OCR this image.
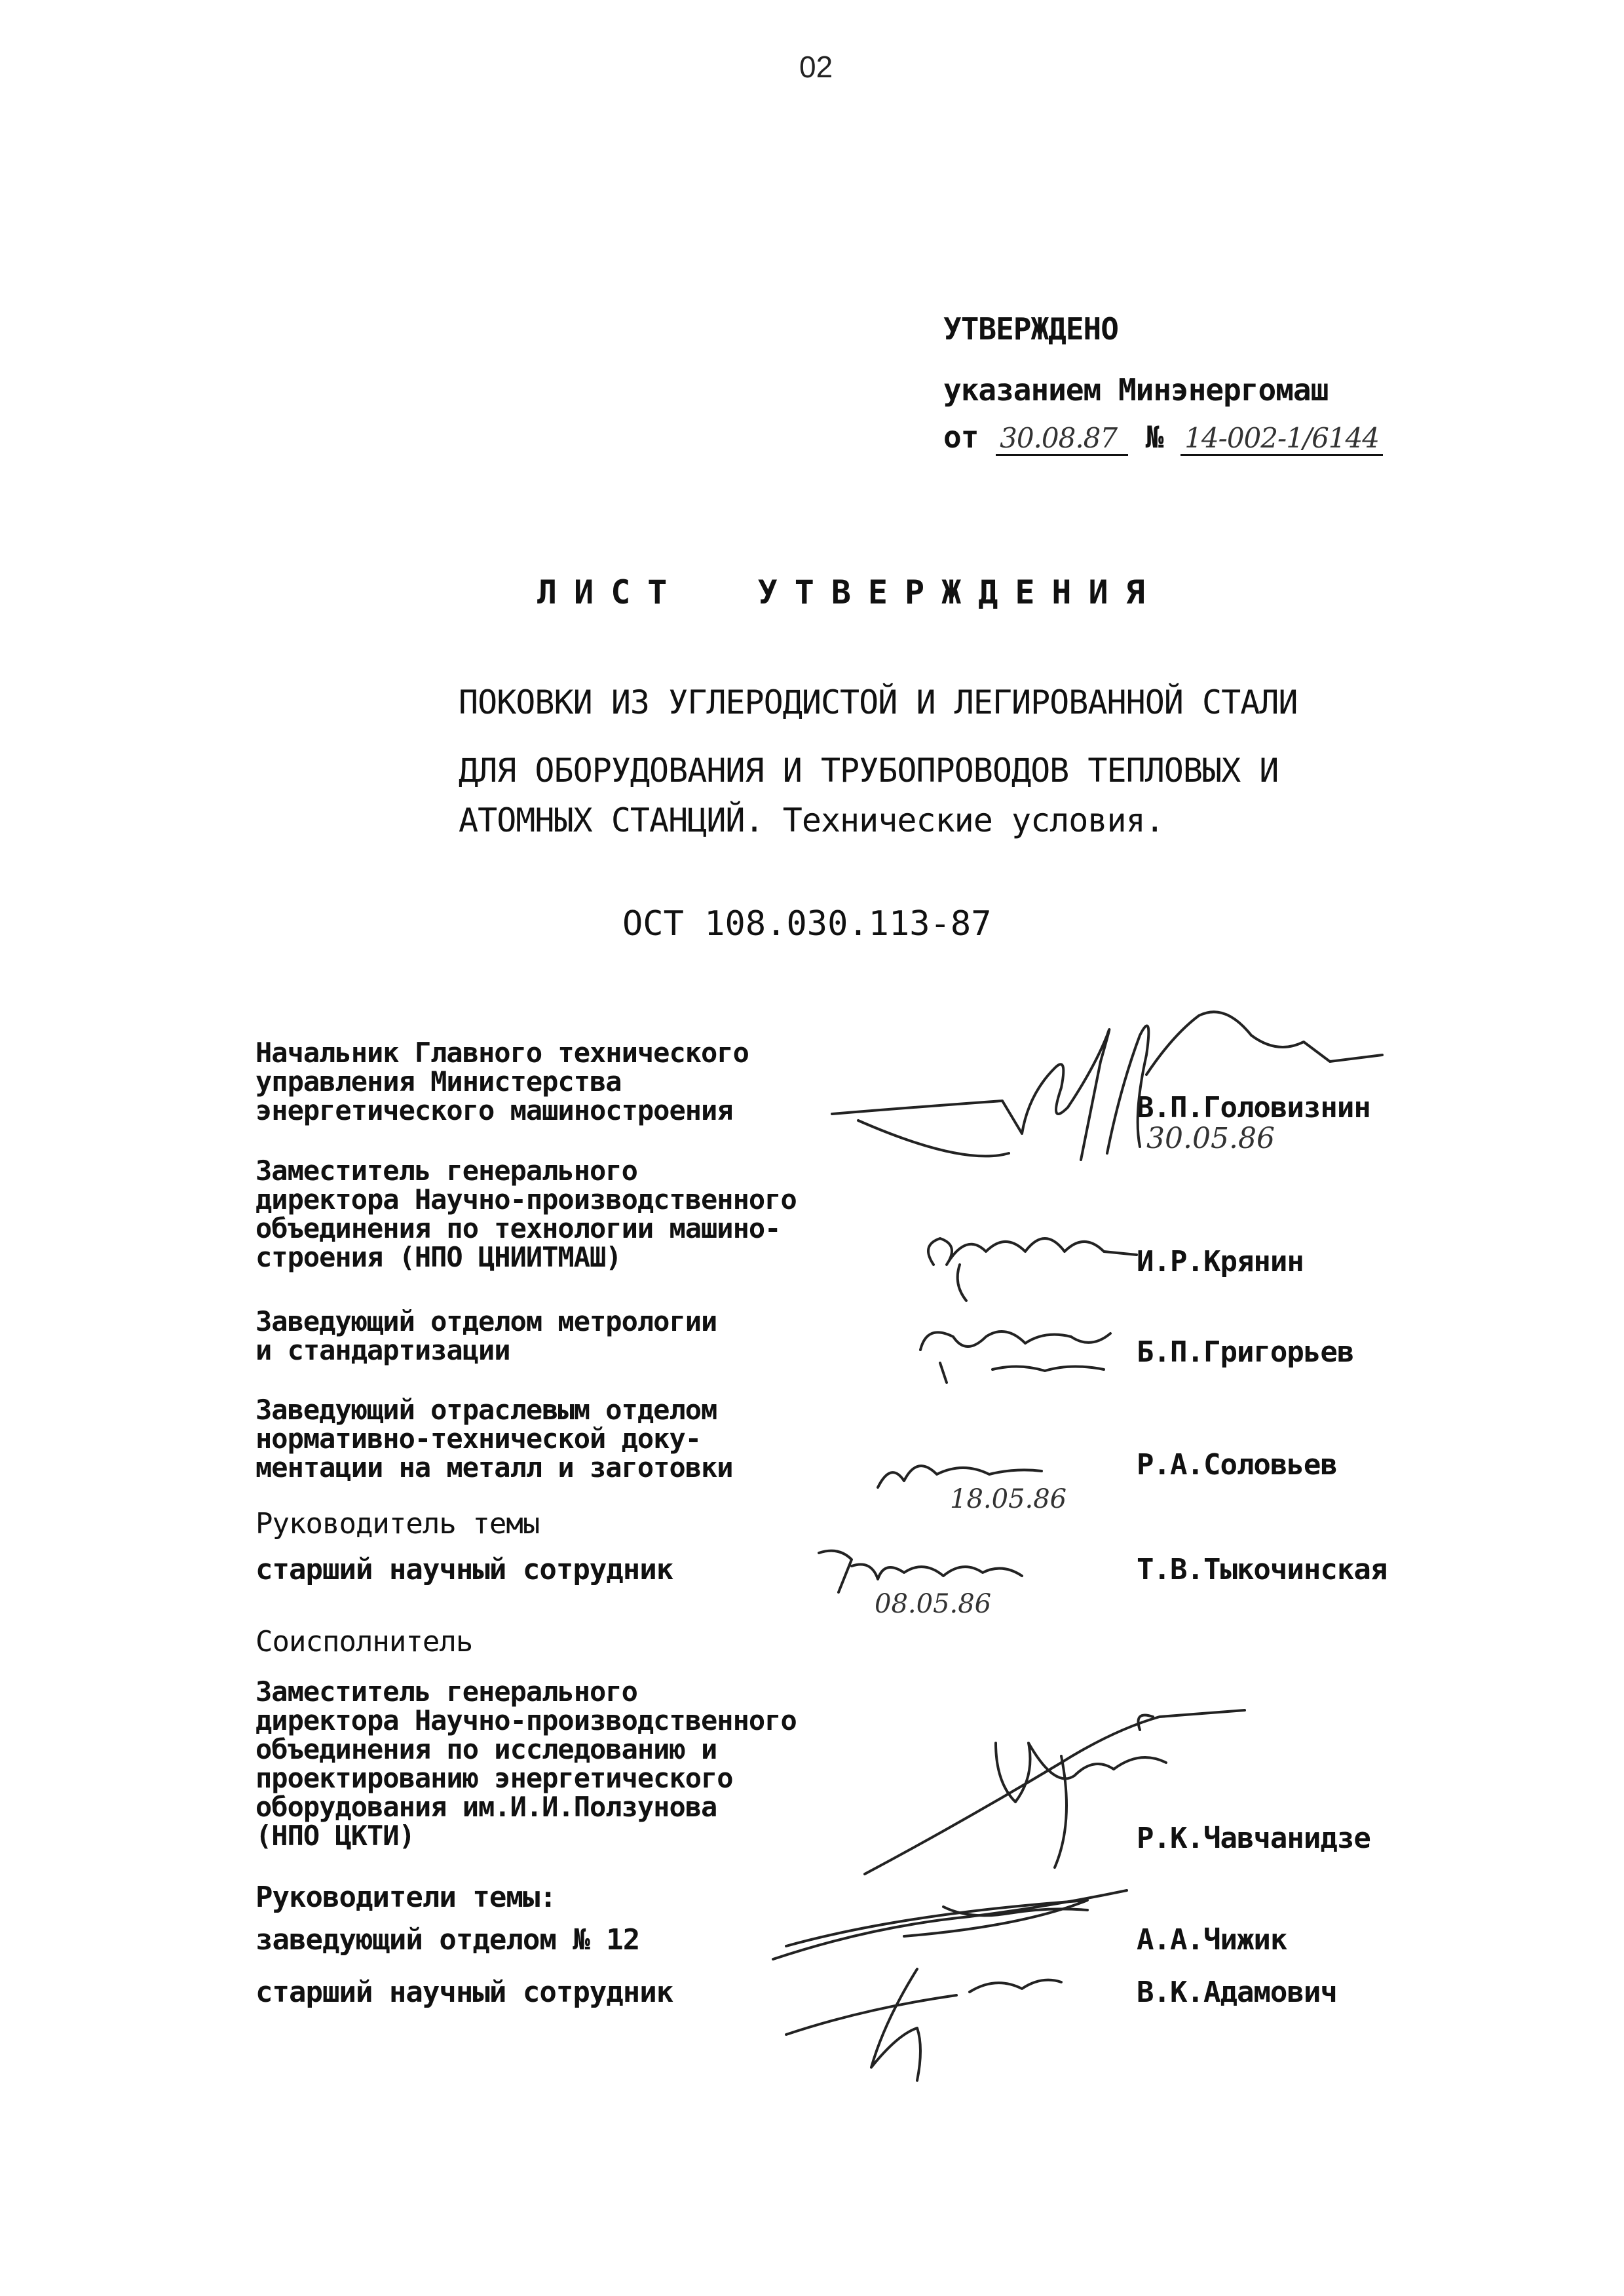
02
УТВЕРЖДЕНО
указанием Минэнергомаш
от 30.08.87 № 14-002-1/6144
ЛИСТ  УТВЕРЖДЕНИЯ
ПОКОВКИ ИЗ УГЛЕРОДИСТОЙ И ЛЕГИРОВАННОЙ СТАЛИ
ДЛЯ ОБОРУДОВАНИЯ И ТРУБОПРОВОДОВ ТЕПЛОВЫХ И
АТОМНЫХ СТАНЦИЙ. Технические условия.
ОСТ 108.030.113-87
Начальник Главного технического
управления Министерства
энергетического машиностроения	В.П.Головизнин
30.05.86
Заместитель генерального
директора Научно-производственного
объединения по технологии машино-
строения (НПО ЦНИИТМАШ)	И.Р.Крянин
Заведующий отделом метрологии
и стандартизации	Б.П.Григорьев
Заведующий отраслевым отделом
нормативно-технической доку-
ментации на металл и заготовки	Р.А.Соловьев
18.05.86
Руководитель темы
старший научный сотрудник	Т.В.Тыкочинская
08.05.86
Соисполнитель
Заместитель генерального
директора Научно-производственного
объединения по исследованию и
проектированию энергетического
оборудования им.И.И.Ползунова
(НПО ЦКТИ)	Р.К.Чавчанидзе
Руководители темы:
заведующий отделом № 12	А.А.Чижик
старший научный сотрудник	В.К.Адамович
